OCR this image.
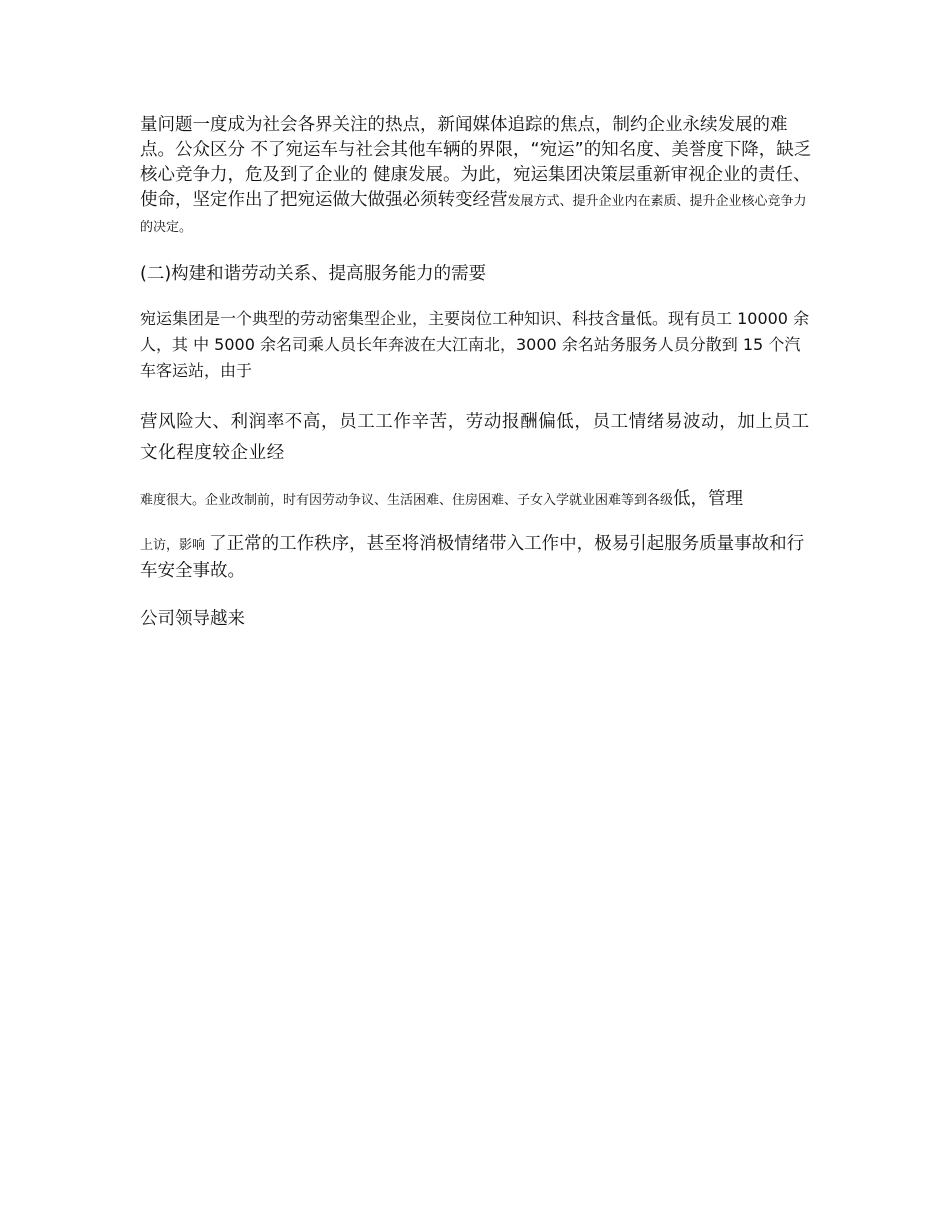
量问题一度成为社会各界关注的热点，新闻媒体追踪的焦点，制约企业永续发展的难点。公众区分 不了宛运车与社会其他车辆的界限，“宛运”的知名度、美誉度下降，缺乏核心竞争力，危及到了企业的 健康发展。为此，宛运集团决策层重新审视企业的责任、使命，坚定作出了把宛运做大做强必须转变经营发展方式、提升企业内在素质、提升企业核心竞争力的决定。

(二)构建和谐劳动关系、提高服务能力的需要

宛运集团是一个典型的劳动密集型企业，主要岗位工种知识、科技含量低。现有员工 10000 余人，其 中 5000 余名司乘人员长年奔波在大江南北，3000 余名站务服务人员分散到 15 个汽车客运站，由于

营风险大、利润率不高，员工工作辛苦，劳动报酬偏低，员工情绪易波动，加上员工文化程度较企业经

难度很大。企业改制前，时有因劳动争议、生活困难、住房困难、子女入学就业困难等到各级低，管理

上访，影响 了正常的工作秩序，甚至将消极情绪带入工作中，极易引起服务质量事故和行车安全事故。

公司领导越来
